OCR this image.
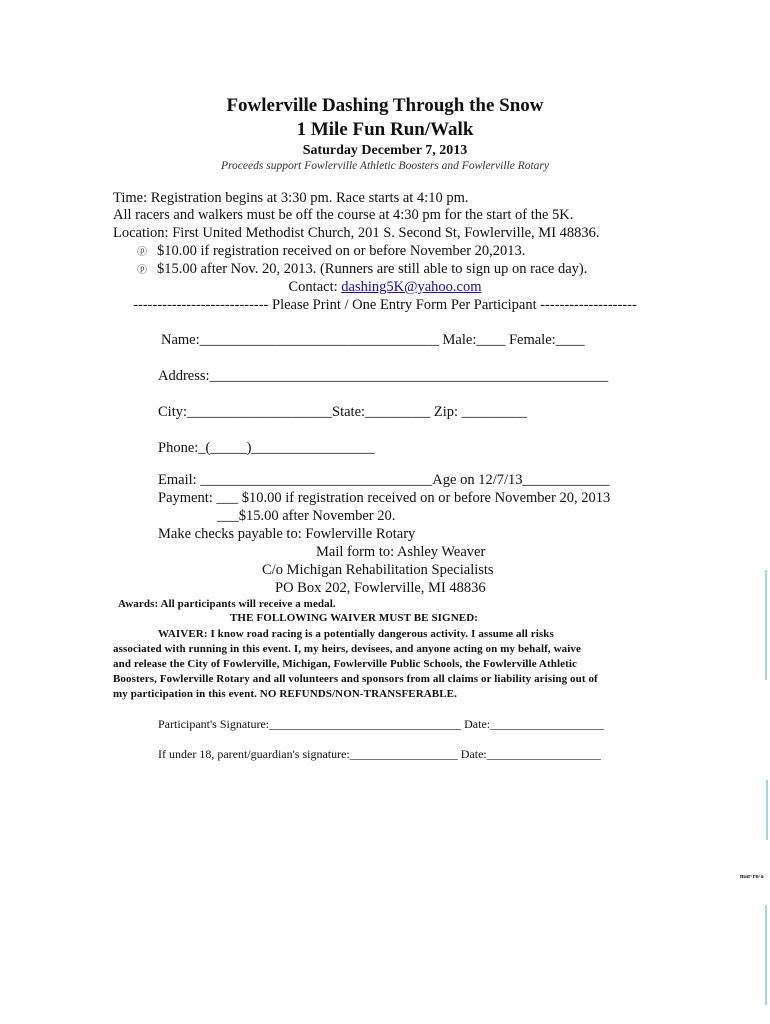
Fowlerville Dashing Through the Snow
1 Mile Fun Run/Walk
Saturday December 7, 2013
Proceeds support Fowlerville Athletic Boosters and Fowlerville Rotary
Time: Registration begins at 3:30 pm. Race starts at 4:10 pm.
All racers and walkers must be off the course at 4:30 pm for the start of the 5K.
Location: First United Methodist Church, 201 S. Second St, Fowlerville, MI 48836.
ⓟ $10.00 if registration received on or before November 20,2013.
ⓟ $15.00 after Nov. 20, 2013. (Runners are still able to sign up on race day).
Contact: dashing5K@yahoo.com
---------------------------- Please Print / One Entry Form Per Participant --------------------
Name:_________________________________ Male:____ Female:____
Address:_______________________________________________________
City:____________________State:_________ Zip: _________
Phone:_(_____)_________________
Email: ________________________________Age on 12/7/13____________
Payment: ___ $10.00 if registration received on or before November 20, 2013
___$15.00 after November 20.
Make checks payable to: Fowlerville Rotary
Mail form to: Ashley Weaver
C/o Michigan Rehabilitation Specialists
PO Box 202, Fowlerville, MI 48836
Awards: All participants will receive a medal.
THE FOLLOWING WAIVER MUST BE SIGNED:
WAIVER: I know road racing is a potentially dangerous activity. I assume all risks
associated with running in this event. I, my heirs, devisees, and anyone acting on my behalf, waive
and release the City of Fowlerville, Michigan, Fowlerville Public Schools, the Fowlerville Athletic
Boosters, Fowlerville Rotary and all volunteers and sponsors from all claims or liability arising out of
my participation in this event. NO REFUNDS/NON-TRANSFERABLE.
Participant's Signature:________________________________ Date:___________________
If under 18, parent/guardian's signature:__________________ Date:___________________
mar·rn·a
